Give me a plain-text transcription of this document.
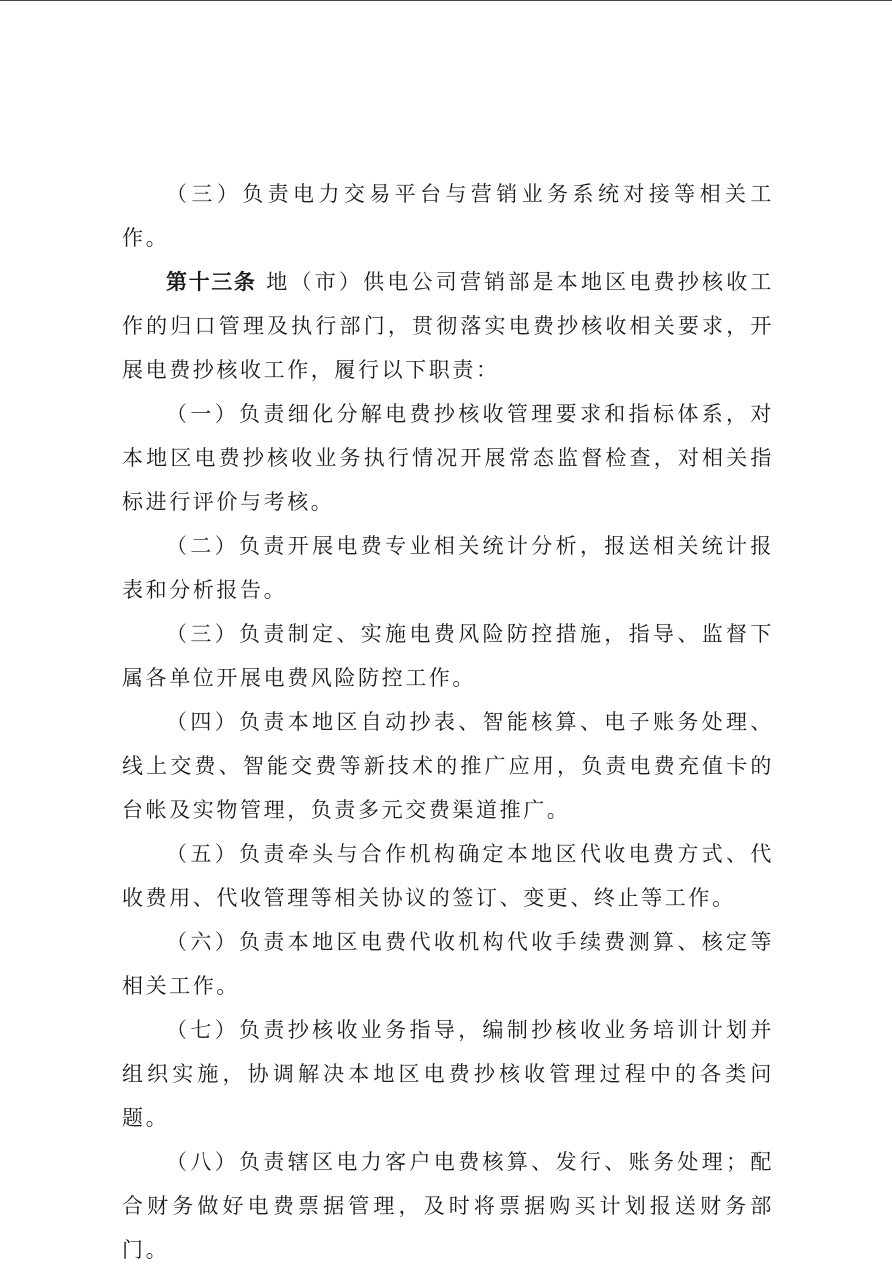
（三）负责电力交易平台与营销业务系统对接等相关工作。

第十三条 地（市）供电公司营销部是本地区电费抄核收工作的归口管理及执行部门，贯彻落实电费抄核收相关要求，开展电费抄核收工作，履行以下职责：

（一）负责细化分解电费抄核收管理要求和指标体系，对本地区电费抄核收业务执行情况开展常态监督检查，对相关指标进行评价与考核。

（二）负责开展电费专业相关统计分析，报送相关统计报表和分析报告。

（三）负责制定、实施电费风险防控措施，指导、监督下属各单位开展电费风险防控工作。

（四）负责本地区自动抄表、智能核算、电子账务处理、线上交费、智能交费等新技术的推广应用，负责电费充值卡的台帐及实物管理，负责多元交费渠道推广。

（五）负责牵头与合作机构确定本地区代收电费方式、代收费用、代收管理等相关协议的签订、变更、终止等工作。

（六）负责本地区电费代收机构代收手续费测算、核定等相关工作。

（七）负责抄核收业务指导，编制抄核收业务培训计划并组织实施，协调解决本地区电费抄核收管理过程中的各类问题。

（八）负责辖区电力客户电费核算、发行、账务处理；配合财务做好电费票据管理，及时将票据购买计划报送财务部门。
